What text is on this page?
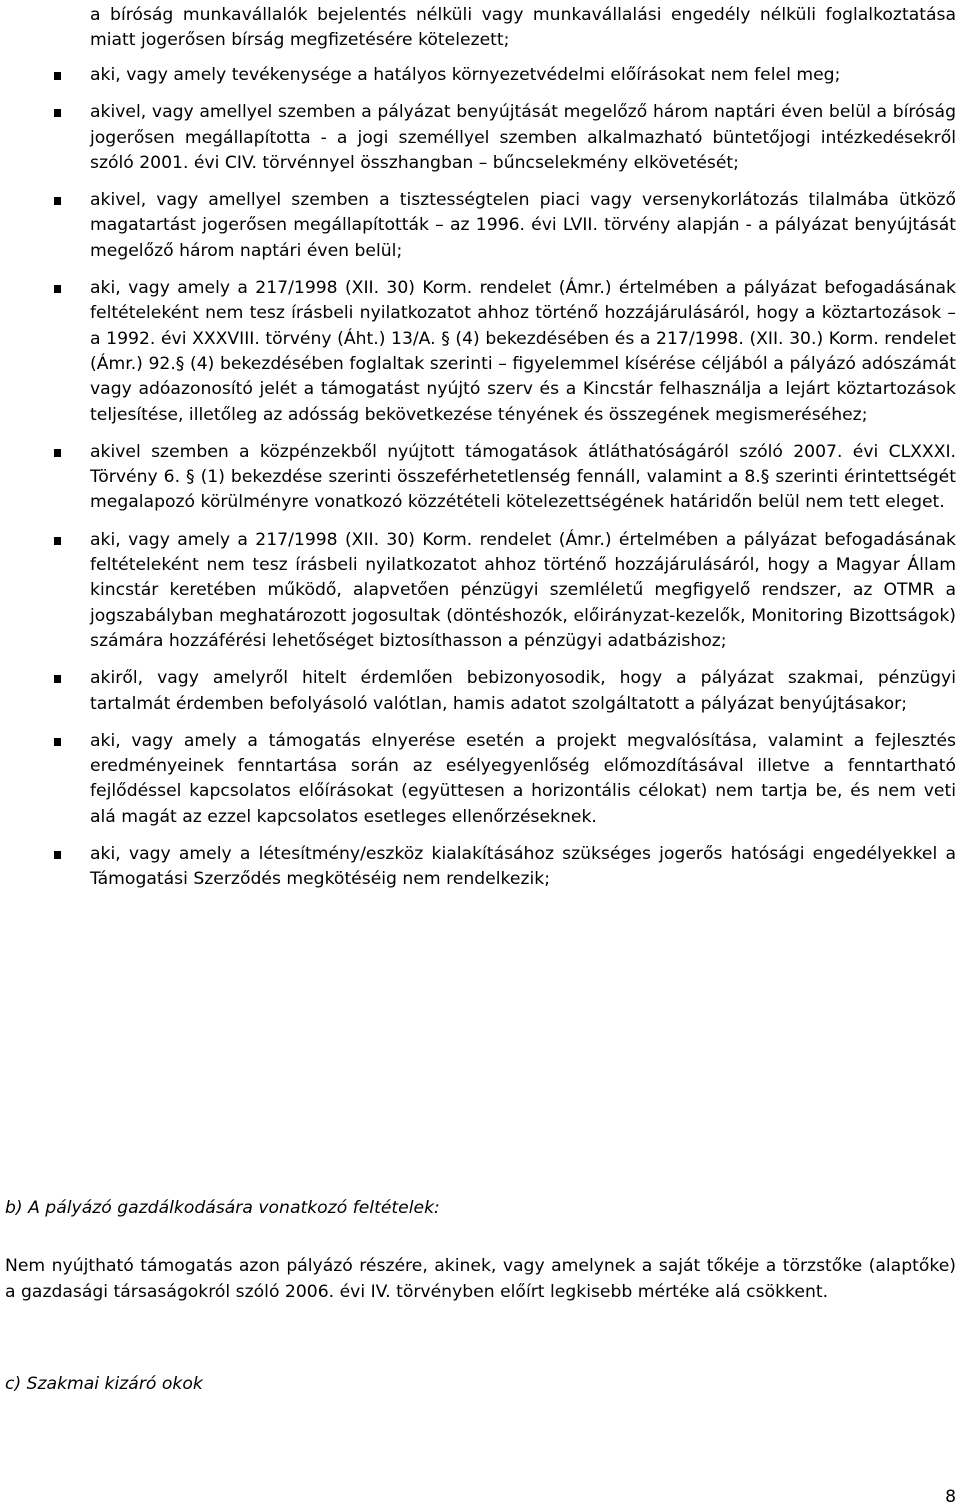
a bíróság munkavállalók bejelentés nélküli vagy munkavállalási engedély nélküli foglalkoztatása miatt jogerősen bírság megfizetésére kötelezett;

aki, vagy amely tevékenysége a hatályos környezetvédelmi előírásokat nem felel meg;
akivel, vagy amellyel szemben a pályázat benyújtását megelőző három naptári éven belül a bíróság jogerősen megállapította - a jogi személlyel szemben alkalmazható büntetőjogi intézkedésekről szóló 2001. évi CIV. törvénnyel összhangban – bűncselekmény elkövetését;
akivel, vagy amellyel szemben a tisztességtelen piaci vagy versenykorlátozás tilalmába ütköző magatartást jogerősen megállapították – az 1996. évi LVII. törvény alapján - a pályázat benyújtását megelőző három naptári éven belül;
aki, vagy amely a 217/1998 (XII. 30) Korm. rendelet (Ámr.) értelmében a pályázat befogadásának feltételeként nem tesz írásbeli nyilatkozatot ahhoz történő hozzájárulásáról, hogy a köztartozások – a 1992. évi XXXVIII. törvény (Áht.) 13/A. § (4) bekezdésében és a 217/1998. (XII. 30.) Korm. rendelet (Ámr.) 92.§ (4) bekezdésében foglaltak szerinti – figyelemmel kísérése céljából a pályázó adószámát vagy adóazonosító jelét a támogatást nyújtó szerv és a Kincstár felhasználja a lejárt köztartozások teljesítése, illetőleg az adósság bekövetkezése tényének és összegének megismeréséhez;
akivel szemben a közpénzekből nyújtott támogatások átláthatóságáról szóló 2007. évi CLXXXI. Törvény 6. § (1) bekezdése szerinti összeférhetetlenség fennáll, valamint a 8.§ szerinti érintettségét megalapozó körülményre vonatkozó közzétételi kötelezettségének határidőn belül nem tett eleget.
aki, vagy amely a 217/1998 (XII. 30) Korm. rendelet (Ámr.) értelmében a pályázat befogadásának feltételeként nem tesz írásbeli nyilatkozatot ahhoz történő hozzájárulásáról, hogy a Magyar Állam kincstár keretében működő, alapvetően pénzügyi szemléletű megfigyelő rendszer, az OTMR a jogszabályban meghatározott jogosultak (döntéshozók, előirányzat-kezelők, Monitoring Bizottságok) számára hozzáférési lehetőséget biztosíthasson a pénzügyi adatbázishoz;
akiről, vagy amelyről hitelt érdemlően bebizonyosodik, hogy a pályázat szakmai, pénzügyi tartalmát érdemben befolyásoló valótlan, hamis adatot szolgáltatott a pályázat benyújtásakor;
aki, vagy amely a támogatás elnyerése esetén a projekt megvalósítása, valamint a fejlesztés eredményeinek fenntartása során az esélyegyenlőség előmozdításával illetve a fenntartható fejlődéssel kapcsolatos előírásokat (együttesen a horizontális célokat) nem tartja be, és nem veti alá magát az ezzel kapcsolatos esetleges ellenőrzéseknek.
aki, vagy amely a létesítmény/eszköz kialakításához szükséges jogerős hatósági engedélyekkel a Támogatási Szerződés megkötéséig nem rendelkezik;

b) A pályázó gazdálkodására vonatkozó feltételek:

Nem nyújtható támogatás azon pályázó részére, akinek, vagy amelynek a saját tőkéje a törzstőke (alaptőke) a gazdasági társaságokról szóló 2006. évi IV. törvényben előírt legkisebb mértéke alá csökkent.

c) Szakmai kizáró okok

8
